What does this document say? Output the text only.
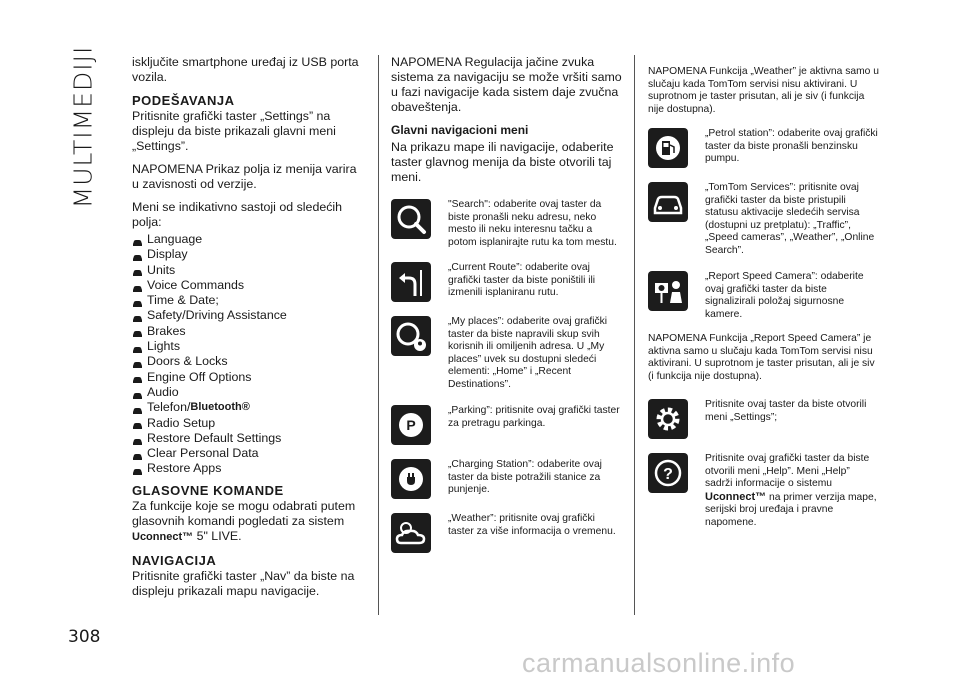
MULTIMEDIJI
308

isključite smartphone uređaj iz USB porta vozila.

PODEŠAVANJA

Pritisnite grafički taster „Settings” na displeju da biste prikazali glavni meni „Settings”.

NAPOMENA Prikaz polja iz menija varira u zavisnosti od verzije.

Meni se indikativno sastoji od sledećih polja:

Language
Display
Units
Voice Commands
Time & Date;
Safety/Driving Assistance
Brakes
Lights
Doors & Locks
Engine Off Options
Audio
Telefon/ Bluetooth®
Radio Setup
Restore Default Settings
Clear Personal Data
Restore Apps
GLASOVNE KOMANDE

Za funkcije koje se mogu odabrati putem glasovnih komandi pogledati za sistem Uconnect™ 5" LIVE.

NAVIGACIJA

Pritisnite grafički taster „Nav” da biste na displeju prikazali mapu navigacije.

NAPOMENA Regulacija jačine zvuka sistema za navigaciju se može vršiti samo u fazi navigacije kada sistem daje zvučna obaveštenja.

Glavni navigacioni meni

Na prikazu mape ili navigacije, odaberite taster glavnog menija da biste otvorili taj meni.

"Search": odaberite ovaj taster da biste pronašli neku adresu, neko mesto ili neku interesnu tačku a potom isplanirajte rutu ka tom mestu.

„Current Route”: odaberite ovaj grafički taster da biste poništili ili izmenili isplaniranu rutu.

„My places”: odaberite ovaj grafički taster da biste napravili skup svih korisnih ili omiljenih adresa. U „My places” uvek su dostupni sledeći elementi: „Home” i „Recent Destinations”.

P

„Parking”: pritisnite ovaj grafički taster za pretragu parkinga.

„Charging Station”: odaberite ovaj taster da biste potražili stanice za punjenje.

„Weather”: pritisnite ovaj grafički taster za više informacija o vremenu.

NAPOMENA Funkcija „Weather” je aktivna samo u slučaju kada TomTom servisi nisu aktivirani. U suprotnom je taster prisutan, ali je siv (i funkcija nije dostupna).

„Petrol station”: odaberite ovaj grafički taster da biste pronašli benzinsku pumpu.

„TomTom Services”: pritisnite ovaj grafički taster da biste pristupili statusu aktivacije sledećih servisa (dostupni uz pretplatu): „Traffic”, „Speed cameras”, „Weather”, „Online Search”.

„Report Speed Camera”: odaberite ovaj grafički taster da biste signalizirali položaj sigurnosne kamere.

NAPOMENA Funkcija „Report Speed Camera” je aktivna samo u slučaju kada TomTom servisi nisu aktivirani. U suprotnom je taster prisutan, ali je siv (i funkcija nije dostupna).

Pritisnite ovaj taster da biste otvorili meni „Settings”;

?

Pritisnite ovaj grafički taster da biste otvorili meni „Help”. Meni „Help” sadrži informacije o sistemu Uconnect™ na primer verzija mape, serijski broj uređaja i pravne napomene.

carmanualsonline.info
